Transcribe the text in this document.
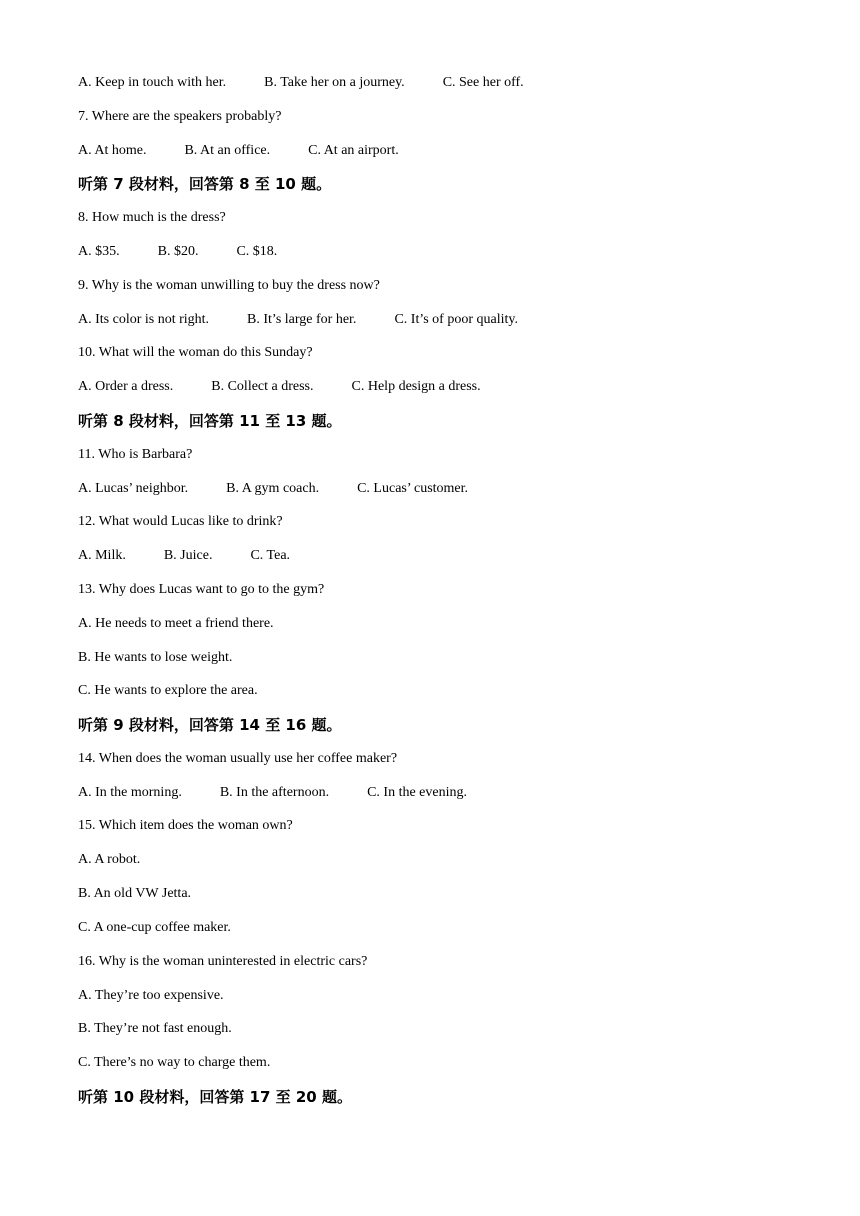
A. Keep in touch with her.	B. Take her on a journey.	C. See her off.
7. Where are the speakers probably?
A. At home.	B. At an office.	C. At an airport.
听第 7 段材料，回答第 8 至 10 题。
8. How much is the dress?
A. $35.	B. $20.	C. $18.
9. Why is the woman unwilling to buy the dress now?
A. Its color is not right.	B. It’s large for her.	C. It’s of poor quality.
10. What will the woman do this Sunday?
A. Order a dress.	B. Collect a dress.	C. Help design a dress.
听第 8 段材料，回答第 11 至 13 题。
11. Who is Barbara?
A. Lucas’ neighbor.	B. A gym coach.	C. Lucas’ customer.
12. What would Lucas like to drink?
A. Milk.	B. Juice.	C. Tea.
13. Why does Lucas want to go to the gym?
A. He needs to meet a friend there.
B. He wants to lose weight.
C. He wants to explore the area.
听第 9 段材料，回答第 14 至 16 题。
14. When does the woman usually use her coffee maker?
A. In the morning.	B. In the afternoon.	C. In the evening.
15. Which item does the woman own?
A. A robot.
B. An old VW Jetta.
C. A one-cup coffee maker.
16. Why is the woman uninterested in electric cars?
A. They’re too expensive.
B. They’re not fast enough.
C. There’s no way to charge them.
听第 10 段材料，回答第 17 至 20 题。
